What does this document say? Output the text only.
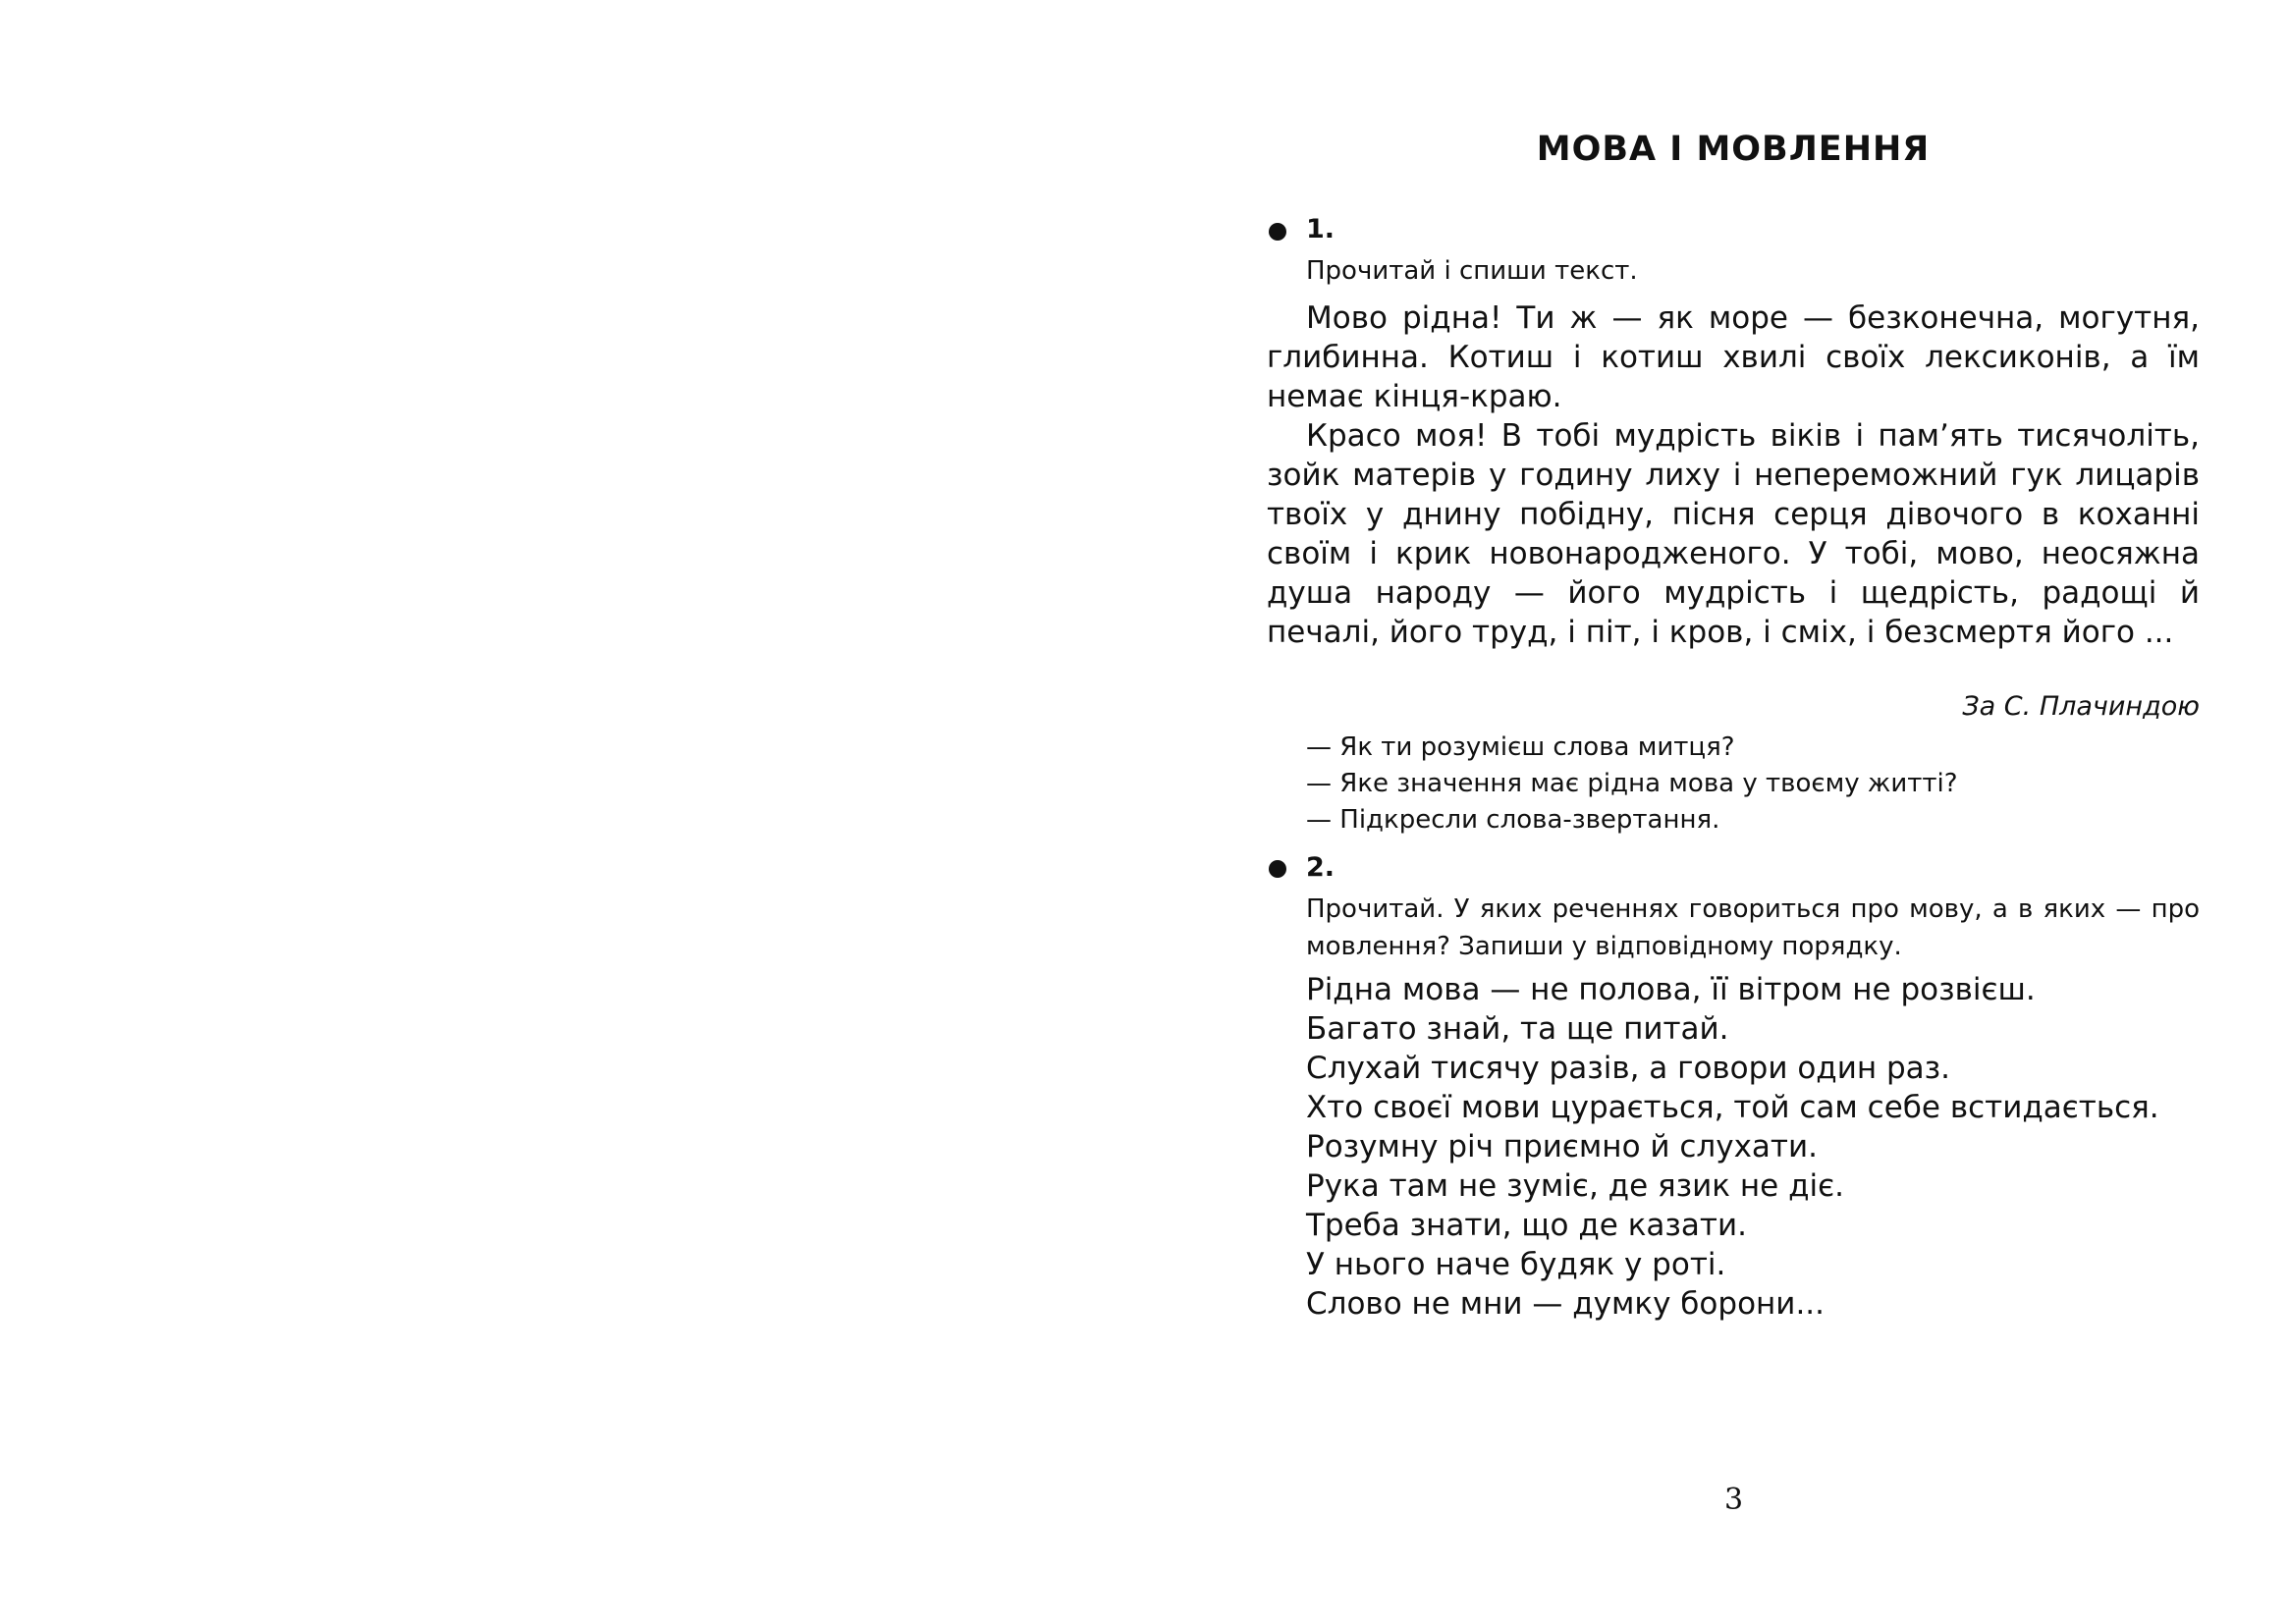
МОВА І МОВЛЕННЯ
1.
Прочитай і спиши текст.

Мово рідна! Ти ж — як море — безконечна, могутня, глибинна. Котиш і котиш хвилі своїх лексиконів, а їм немає кінця-краю.

Красо моя! В тобі мудрість віків і пам’ять тисячоліть, зойк матерів у годину лиху і непереможний гук лицарів твоїх у днину побідну, пісня серця дівочого в коханні своїм і крик новонародженого. У тобі, мово, неосяжна душа народу — його мудрість і щедрість, радощі й печалі, його труд, і піт, і кров, і сміх, і безсмертя його ...

За С. Плачиндою
— Як ти розумієш слова митця?
— Яке значення має рідна мова у твоєму житті?
— Підкресли слова-звертання.
2.
Прочитай. У яких реченнях говориться про мову, а в яких — про мовлення? Запиши у відповідному порядку.
Рідна мова — не полова, її вітром не розвієш.
Багато знай, та ще питай.
Слухай тисячу разів, а говори один раз.
Хто своєї мови цурається, той сам себе встидається.
Розумну річ приємно й слухати.
Рука там не зуміє, де язик не діє.
Треба знати, що де казати.
У нього наче будяк у роті.
Слово не мни — думку борони...
3
